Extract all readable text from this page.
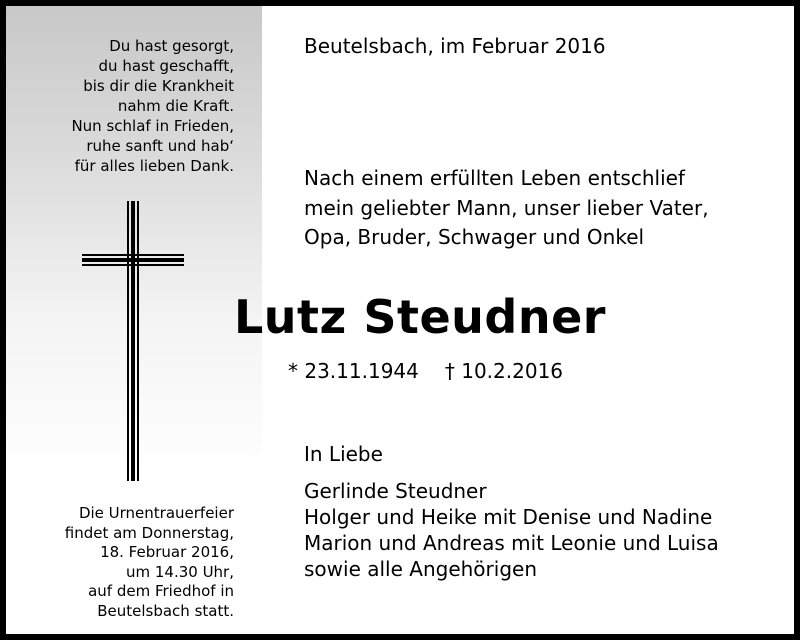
Du hast gesorgt,
du hast geschafft,
bis dir die Krankheit
nahm die Kraft.
Nun schlaf in Frieden,
ruhe sanft und hab‘
für alles lieben Dank.
Die Urnentrauerfeier
findet am Donnerstag,
18. Februar 2016,
um 14.30 Uhr,
auf dem Friedhof in
Beutelsbach statt.
Beutelsbach, im Februar 2016
Nach einem erfüllten Leben entschlief
mein geliebter Mann, unser lieber Vater,
Opa, Bruder, Schwager und Onkel
Lutz Steudner
* 23.11.1944 † 10.2.2016
In Liebe
Gerlinde Steudner
Holger und Heike mit Denise und Nadine
Marion und Andreas mit Leonie und Luisa
sowie alle Angehörigen
